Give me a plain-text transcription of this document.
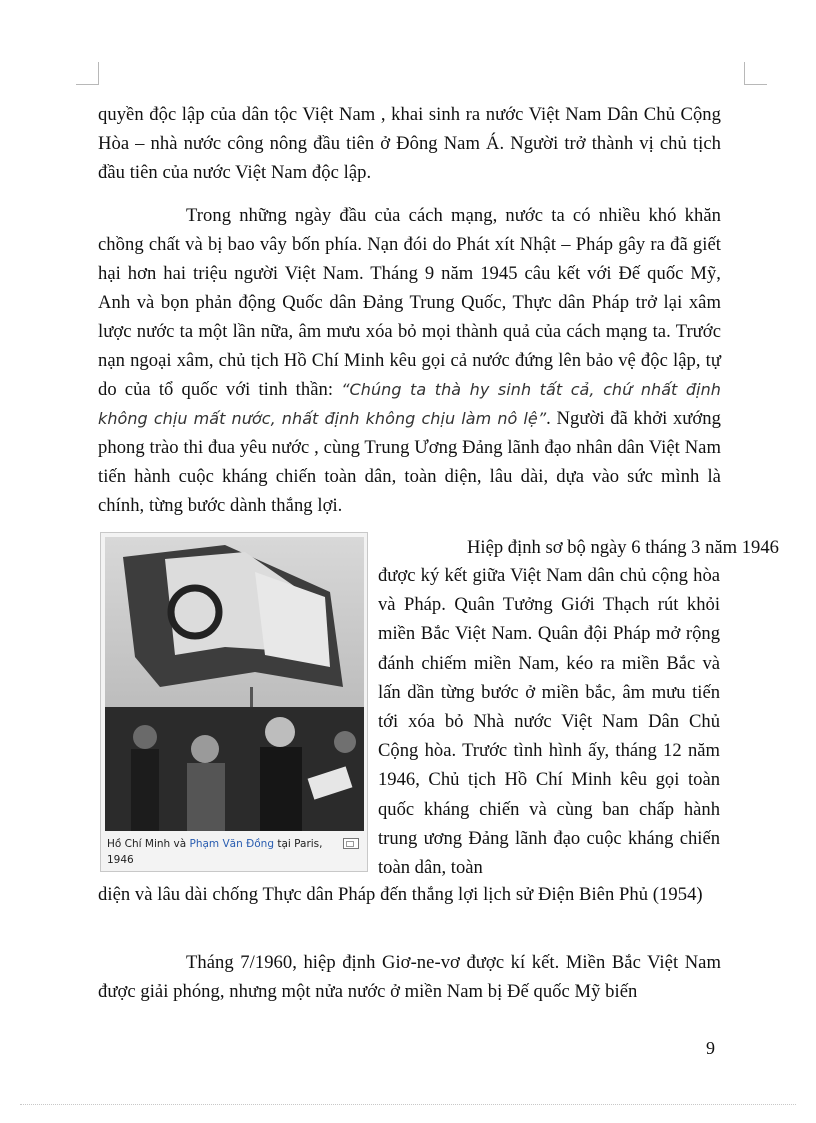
quyền độc lập của dân tộc Việt Nam , khai sinh ra nước Việt Nam Dân Chủ Cộng Hòa – nhà nước công nông đầu tiên ở Đông Nam Á. Người trở thành vị chủ tịch đầu tiên của nước Việt Nam độc lập.

Trong những ngày đầu của cách mạng, nước ta có nhiều khó khăn chồng chất và bị bao vây bốn phía. Nạn đói do Phát xít Nhật – Pháp gây ra đã giết hại hơn hai triệu người Việt Nam. Tháng 9 năm 1945 câu kết với Đế quốc Mỹ, Anh và bọn phản động Quốc dân Đảng Trung Quốc, Thực dân Pháp trở lại xâm lược nước ta một lần nữa, âm mưu xóa bỏ mọi thành quả của cách mạng ta. Trước nạn ngoại xâm, chủ tịch Hồ Chí Minh kêu gọi cả nước đứng lên bảo vệ độc lập, tự do của tổ quốc với tinh thần: “Chúng ta thà hy sinh tất cả, chứ nhất định không chịu mất nước, nhất định không chịu làm nô lệ”. Người đã khởi xướng phong trào thi đua yêu nước , cùng Trung Ương Đảng lãnh đạo nhân dân Việt Nam tiến hành cuộc kháng chiến toàn dân, toàn diện, lâu dài, dựa vào sức mình là chính, từng bước dành thắng lợi.

Hồ Chí Minh và Phạm Văn Đồng tại Paris, 1946
Hiệp định sơ bộ ngày 6 tháng 3 năm 1946

được ký kết giữa Việt Nam dân chủ cộng hòa và Pháp. Quân Tưởng Giới Thạch rút khỏi miền Bắc Việt Nam. Quân đội Pháp mở rộng đánh chiếm miền Nam, kéo ra miền Bắc và lấn dần từng bước ở miền bắc, âm mưu tiến tới xóa bỏ Nhà nước Việt Nam Dân Chủ Cộng hòa. Trước tình hình ấy, tháng 12 năm 1946, Chủ tịch Hồ Chí Minh kêu gọi toàn quốc kháng chiến và cùng ban chấp hành trung ương Đảng lãnh đạo cuộc kháng chiến toàn dân, toàn

diện và lâu dài chống Thực dân Pháp đến thắng lợi lịch sử Điện Biên Phủ (1954)

Tháng 7/1960, hiệp định Giơ-ne-vơ được kí kết. Miền Bắc Việt Nam được giải phóng, nhưng một nửa nước ở miền Nam bị Đế quốc Mỹ biến

9
